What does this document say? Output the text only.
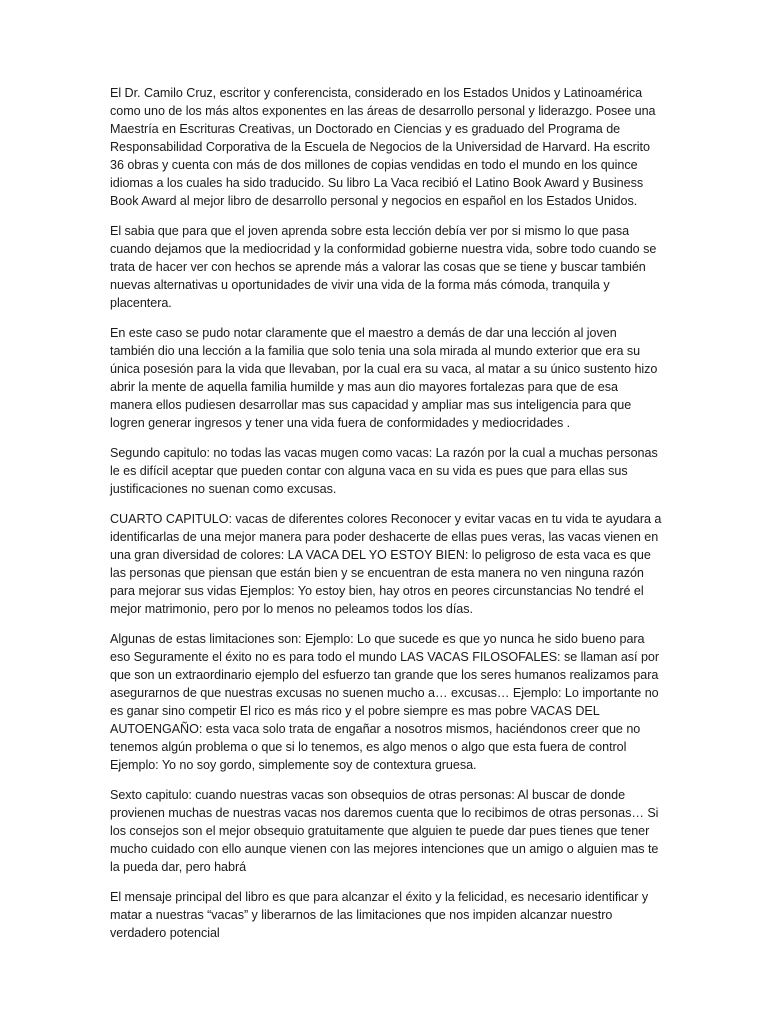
El Dr. Camilo Cruz, escritor y conferencista, considerado en los Estados Unidos y Latinoamérica como uno de los más altos exponentes en las áreas de desarrollo personal y liderazgo. Posee una Maestría en Escrituras Creativas, un Doctorado en Ciencias y es graduado del Programa de Responsabilidad Corporativa de la Escuela de Negocios de la Universidad de Harvard. Ha escrito 36 obras y cuenta con más de dos millones de copias vendidas en todo el mundo en los quince idiomas a los cuales ha sido traducido. Su libro La Vaca recibió el Latino Book Award y Business Book Award al mejor libro de desarrollo personal y negocios en español en los Estados Unidos.

El sabia que para que el joven aprenda sobre esta lección debía ver por si mismo lo que pasa cuando dejamos que la mediocridad y la conformidad gobierne nuestra vida, sobre todo cuando se trata de hacer ver con hechos se aprende más a valorar las cosas que se tiene y buscar también nuevas alternativas u oportunidades de vivir una vida de la forma más cómoda, tranquila y placentera.

En este caso se pudo notar claramente que el maestro a demás de dar una lección al joven también dio una lección a la familia que solo tenia una sola mirada al mundo exterior que era su única posesión para la vida que llevaban, por la cual era su vaca, al matar a su único sustento hizo abrir la mente de aquella familia humilde y mas aun dio mayores fortalezas para que de esa manera ellos pudiesen desarrollar mas sus capacidad y ampliar mas sus inteligencia para que logren generar ingresos y tener una vida fuera de conformidades y mediocridades .

Segundo capitulo: no todas las vacas mugen como vacas: La razón por la cual a muchas personas le es difícil aceptar que pueden contar con alguna vaca en su vida es pues que para ellas sus justificaciones no suenan como excusas.

CUARTO CAPITULO: vacas de diferentes colores Reconocer y evitar vacas en tu vida te ayudara a identificarlas de una mejor manera para poder deshacerte de ellas pues veras, las vacas vienen en una gran diversidad de colores: LA VACA DEL YO ESTOY BIEN: lo peligroso de esta vaca es que las personas que piensan que están bien y se encuentran de esta manera no ven ninguna razón para mejorar sus vidas Ejemplos: Yo estoy bien, hay otros en peores circunstancias No tendré el mejor matrimonio, pero por lo menos no peleamos todos los días.

Algunas de estas limitaciones son: Ejemplo: Lo que sucede es que yo nunca he sido bueno para eso Seguramente el éxito no es para todo el mundo LAS VACAS FILOSOFALES: se llaman así por que son un extraordinario ejemplo del esfuerzo tan grande que los seres humanos realizamos para asegurarnos de que nuestras excusas no suenen mucho a… excusas… Ejemplo: Lo importante no es ganar sino competir El rico es más rico y el pobre siempre es mas pobre VACAS DEL AUTOENGAÑO: esta vaca solo trata de engañar a nosotros mismos, haciéndonos creer que no tenemos algún problema o que si lo tenemos, es algo menos o algo que esta fuera de control Ejemplo: Yo no soy gordo, simplemente soy de contextura gruesa.

Sexto capitulo: cuando nuestras vacas son obsequios de otras personas: Al buscar de donde provienen muchas de nuestras vacas nos daremos cuenta que lo recibimos de otras personas… Si los consejos son el mejor obsequio gratuitamente que alguien te puede dar pues tienes que tener mucho cuidado con ello aunque vienen con las mejores intenciones que un amigo o alguien mas te la pueda dar, pero habrá

El mensaje principal del libro es que para alcanzar el éxito y la felicidad, es necesario identificar y matar a nuestras “vacas” y liberarnos de las limitaciones que nos impiden alcanzar nuestro verdadero potencial
